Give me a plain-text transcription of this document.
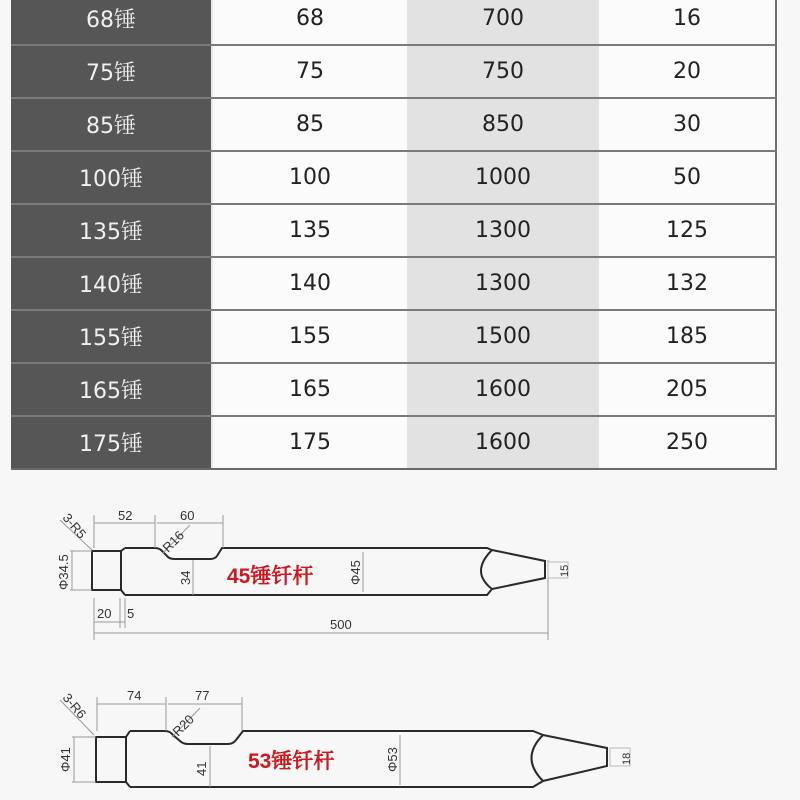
68锤	68	700	16
75锤	75	750	20
85锤	85	850	30
100锤	100	1000	50
135锤	135	1300	125
140锤	140	1300	132
155锤	155	1500	185
165锤	165	1600	205
175锤	175	1600	250
52	60
3-R5	R16
Φ34.5	34	Φ45	15
20 5
500
45锤钎杆
74	77
3-R6
R20
Φ41	41	Φ53	18
53锤钎杆
